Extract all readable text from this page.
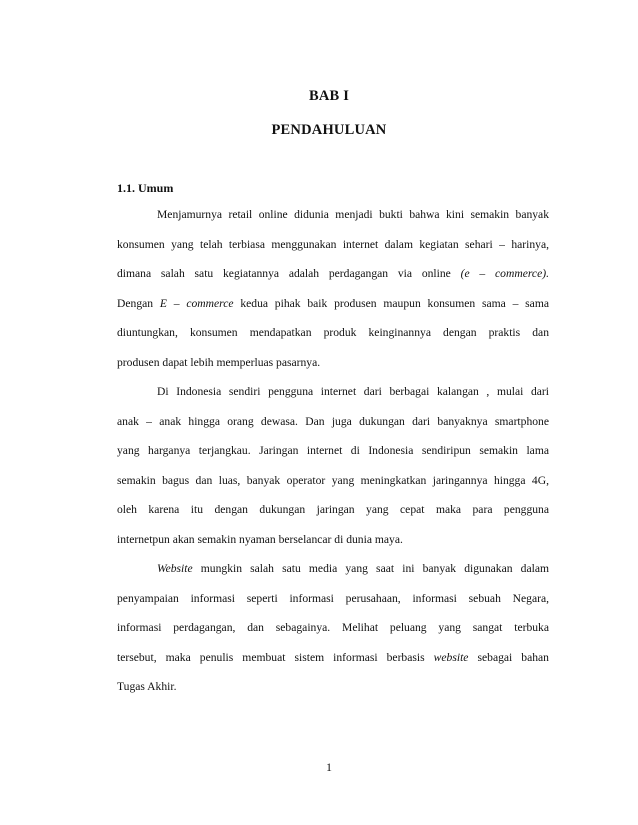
BAB I
PENDAHULUAN
1.1. Umum
Menjamurnya retail online didunia menjadi bukti bahwa kini semakin banyak
konsumen yang telah terbiasa menggunakan internet dalam kegiatan sehari – harinya,
dimana salah satu kegiatannya adalah perdagangan via online (e – commerce).
Dengan E – commerce kedua pihak baik produsen maupun konsumen sama – sama
diuntungkan, konsumen mendapatkan produk keinginannya dengan praktis dan
produsen dapat lebih memperluas pasarnya.
Di Indonesia sendiri pengguna internet dari berbagai kalangan , mulai dari
anak – anak hingga orang dewasa. Dan juga dukungan dari banyaknya smartphone
yang harganya terjangkau. Jaringan internet di Indonesia sendiripun semakin lama
semakin bagus dan luas, banyak operator yang meningkatkan jaringannya hingga 4G,
oleh karena itu dengan dukungan jaringan yang cepat maka para pengguna
internetpun akan semakin nyaman berselancar di dunia maya.
Website mungkin salah satu media yang saat ini banyak digunakan dalam
penyampaian informasi seperti informasi perusahaan, informasi sebuah Negara,
informasi perdagangan, dan sebagainya. Melihat peluang yang sangat terbuka
tersebut, maka penulis membuat sistem informasi berbasis website sebagai bahan
Tugas Akhir.
1
